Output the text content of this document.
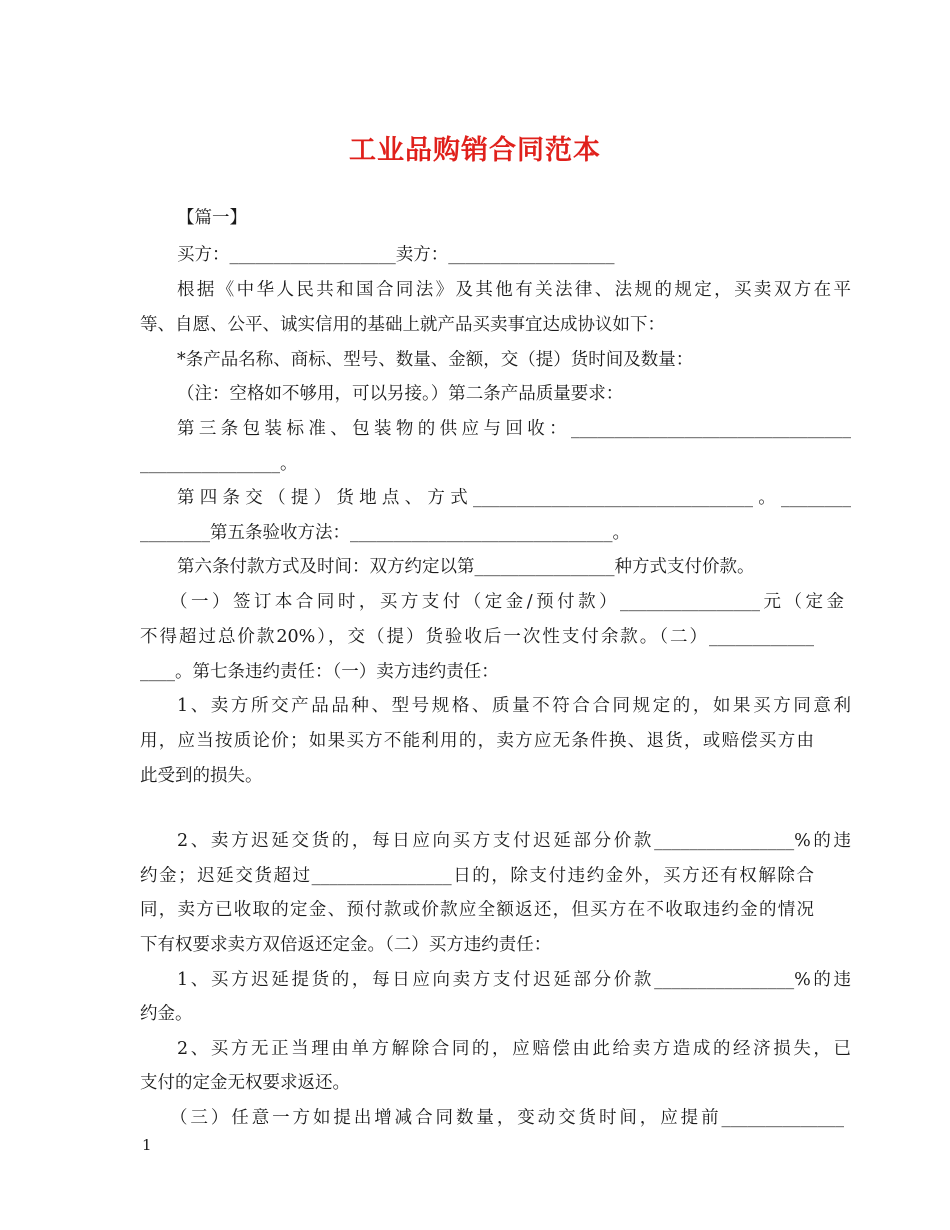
工业品购销合同范本
【篇一】
买方：___________________卖方：___________________
根据《中华人民共和国合同法》及其他有关法律、法规的规定，买卖双方在平
等、自愿、公平、诚实信用的基础上就产品买卖事宜达成协议如下：
*条产品名称、商标、型号、数量、金额，交（提）货时间及数量：
（注：空格如不够用，可以另接。）第二条产品质量要求：
第三条包装标准、包装物的供应与回收：________________________________
________________。
第四条交（提）货地点、方式________________________________。________
________第五条验收方法：______________________________。
第六条付款方式及时间：双方约定以第________________种方式支付价款。
（一）签订本合同时，买方支付（定金/预付款）________________元（定金
不得超过总价款20%），交（提）货验收后一次性支付余款。（二）____________
____。第七条违约责任：（一）卖方违约责任：
1、卖方所交产品品种、型号规格、质量不符合合同规定的，如果买方同意利
用，应当按质论价；如果买方不能利用的，卖方应无条件换、退货，或赔偿买方由
此受到的损失。
2、卖方迟延交货的，每日应向买方支付迟延部分价款________________%的违
约金；迟延交货超过________________日的，除支付违约金外，买方还有权解除合
同，卖方已收取的定金、预付款或价款应全额返还，但买方在不收取违约金的情况
下有权要求卖方双倍返还定金。（二）买方违约责任：
1、买方迟延提货的，每日应向卖方支付迟延部分价款________________%的违
约金。
2、买方无正当理由单方解除合同的，应赔偿由此给卖方造成的经济损失，已
支付的定金无权要求返还。
（三）任意一方如提出增减合同数量，变动交货时间，应提前______________
1
